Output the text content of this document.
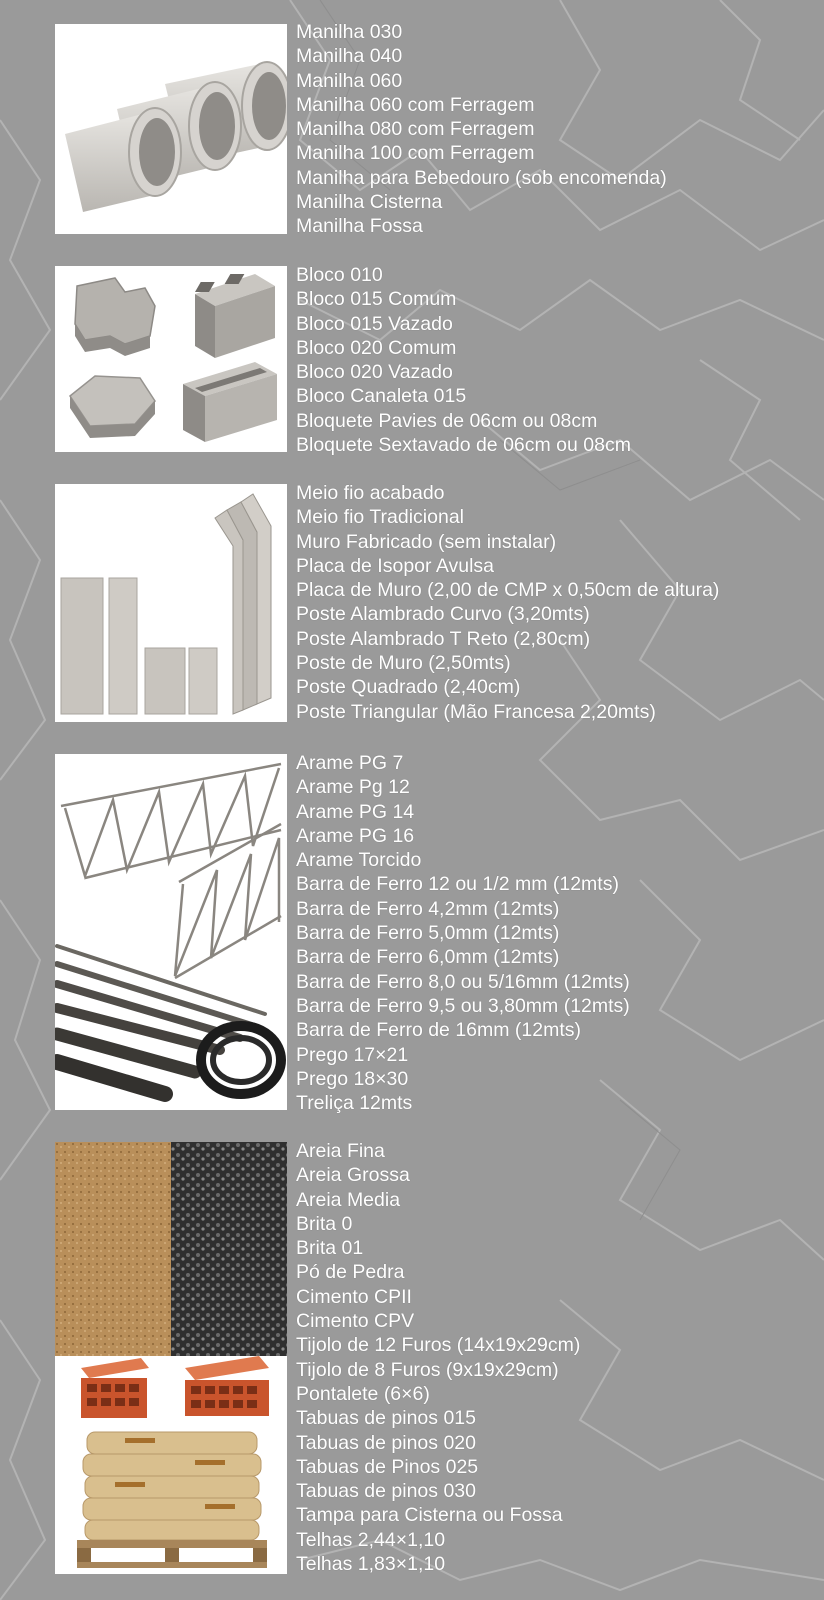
Manilha 030
Manilha 040
Manilha 060
Manilha 060 com Ferragem
Manilha 080 com Ferragem
Manilha 100 com Ferragem
Manilha para Bebedouro (sob encomenda)
Manilha Cisterna
Manilha Fossa
Bloco 010
Bloco 015 Comum
Bloco 015 Vazado
Bloco 020 Comum
Bloco 020 Vazado
Bloco Canaleta 015
Bloquete Pavies de 06cm ou 08cm
Bloquete Sextavado de 06cm ou 08cm
Meio fio acabado
Meio fio Tradicional
Muro Fabricado (sem instalar)
Placa de Isopor Avulsa
Placa de Muro (2,00 de CMP x 0,50cm de altura)
Poste Alambrado Curvo (3,20mts)
Poste Alambrado T Reto (2,80cm)
Poste de Muro (2,50mts)
Poste Quadrado (2,40cm)
Poste Triangular (Mão Francesa 2,20mts)
Arame PG 7
Arame Pg 12
Arame PG 14
Arame PG 16
Arame Torcido
Barra de Ferro 12 ou 1/2 mm (12mts)
Barra de Ferro 4,2mm (12mts)
Barra de Ferro 5,0mm (12mts)
Barra de Ferro 6,0mm (12mts)
Barra de Ferro 8,0 ou 5/16mm (12mts)
Barra de Ferro 9,5 ou 3,80mm (12mts)
Barra de Ferro de 16mm (12mts)
Prego 17×21
Prego 18×30
Treliça 12mts
Areia Fina
Areia Grossa
Areia Media
Brita 0
Brita 01
Pó de Pedra
Cimento CPII
Cimento CPV
Tijolo de 12 Furos (14x19x29cm)
Tijolo de 8 Furos (9x19x29cm)
Pontalete (6×6)
Tabuas de pinos 015
Tabuas de pinos 020
Tabuas de Pinos 025
Tabuas de pinos 030
Tampa para Cisterna ou Fossa
Telhas 2,44×1,10
Telhas 1,83×1,10
